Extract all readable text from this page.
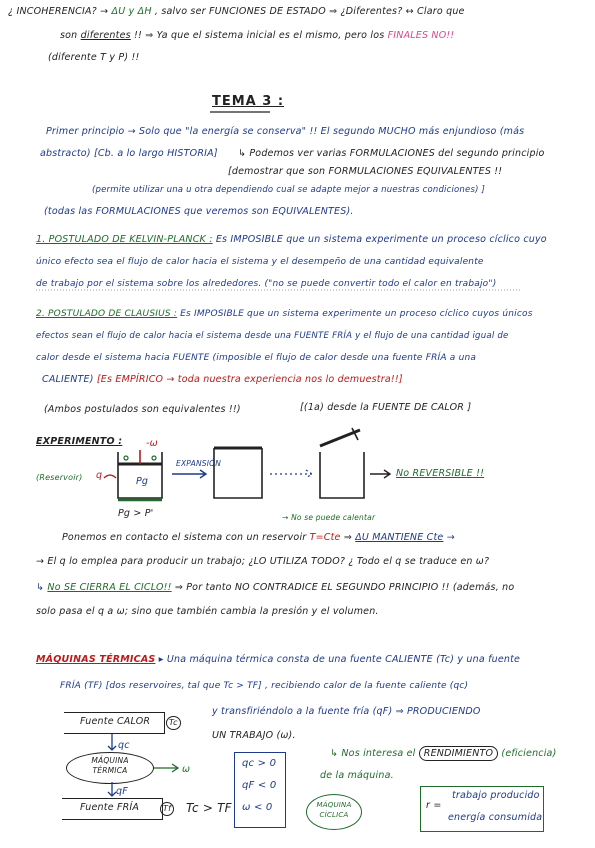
¿ INCOHERENCIA? → ΔU y ΔH , salvo ser FUNCIONES DE ESTADO ⇒ ¿Diferentes? ↔ Claro que
son diferentes !! ⇒ Ya que el sistema inicial es el mismo, pero los FINALES NO!!
(diferente T y P) !!
TEMA 3 :
Primer principio → Solo que "la energía se conserva" !! El segundo MUCHO más enjundioso (más
abstracto) [Cb. a lo largo HISTORIA] ↳ Podemos ver varias FORMULACIONES del segundo principio
[demostrar que son FORMULACIONES EQUIVALENTES !!
(permite utilizar una u otra dependiendo cual se adapte mejor a nuestras condiciones) ]
(todas las FORMULACIONES que veremos son EQUIVALENTES).
1. POSTULADO DE KELVIN-PLANCK : Es IMPOSIBLE que un sistema experimente un proceso cíclico cuyo
único efecto sea el flujo de calor hacia el sistema y el desempeño de una cantidad equivalente
de trabajo por el sistema sobre los alrededores. ("no se puede convertir todo el calor en trabajo")
2. POSTULADO DE CLAUSIUS : Es IMPOSIBLE que un sistema experimente un proceso cíclico cuyos únicos
efectos sean el flujo de calor hacia el sistema desde una FUENTE FRÍA y el flujo de una cantidad igual de
calor desde el sistema hacia FUENTE (imposible el flujo de calor desde una fuente FRÍA a una
CALIENTE) [Es EMPÍRICO → toda nuestra experiencia nos lo demuestra!!]
(Ambos postulados son equivalentes !!)	[(1a) desde la FUENTE DE CALOR ]
EXPERIMENTO :
(Reservoir) q
-ω
EXPANSIÓN
Pg
Pg > P'
No REVERSIBLE !!
→ No se puede calentar
Ponemos en contacto el sistema con un reservoir T=Cte ⇒ ΔU MANTIENE Cte →
→ El q lo emplea para producir un trabajo; ¿LO UTILIZA TODO? ¿ Todo el q se traduce en ω?
↳ No SE CIERRA EL CICLO!! ⇒ Por tanto NO CONTRADICE EL SEGUNDO PRINCIPIO !! (además, no
solo pasa el q a ω; sino que también cambia la presión y el volumen.
MÁQUINAS TÉRMICAS ▸ Una máquina térmica consta de una fuente CALIENTE (Tc) y una fuente
FRÍA (TF) [dos reservoires, tal que Tc > TF] , recibiendo calor de la fuente caliente (qc)
y transfiriéndolo a la fuente fría (qF) ⇒ PRODUCIENDO
UN TRABAJO (ω).
↳ Nos interesa el RENDIMIENTO (eficiencia)
de la máquina.
Fuente CALOR	Tc
qc
MÁQUINA TÉRMICA	ω
qF
Fuente FRÍA	Tf Tc > TF
qc > 0
qF < 0
ω < 0	MÁQUINA CÍCLICA
r =
trabajo producido
energía consumida
